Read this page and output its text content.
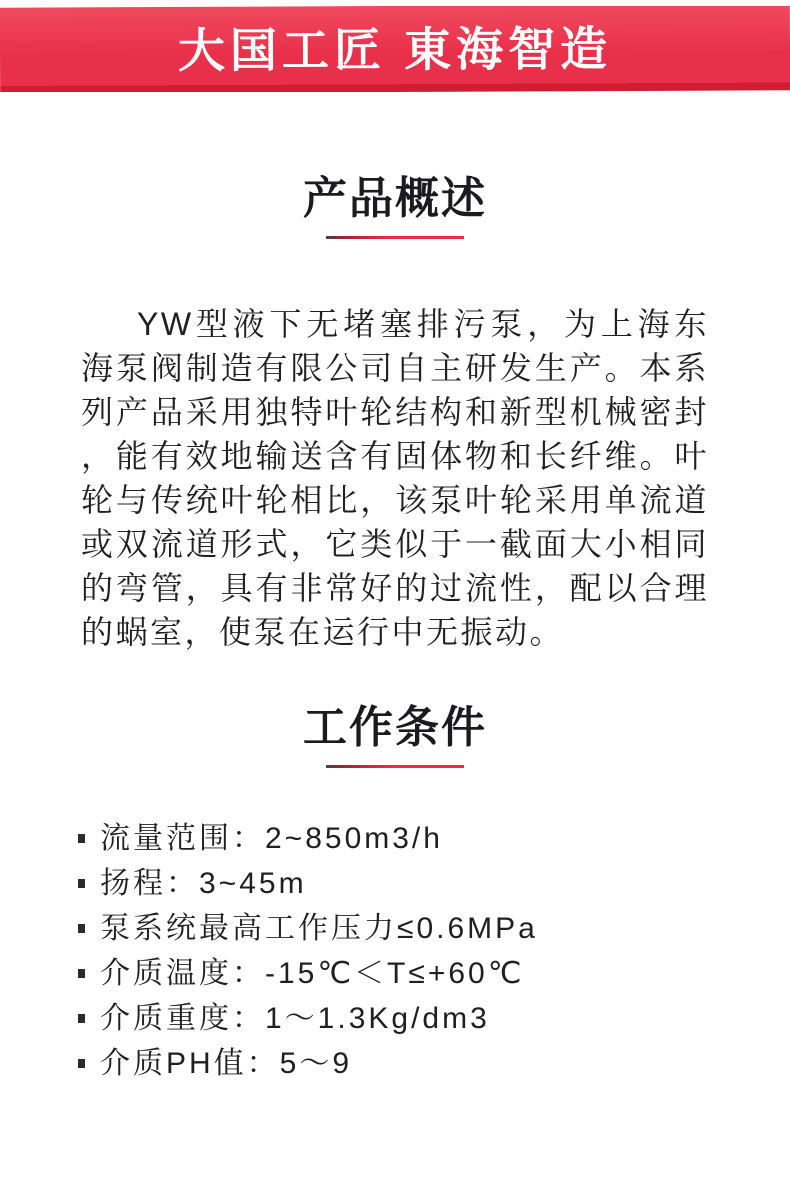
大国工匠 東海智造
产品概述

YW型液下无堵塞排污泵，为上海东海泵阀制造有限公司自主研发生产。本系列产品采用独特叶轮结构和新型机械密封，能有效地输送含有固体物和长纤维。叶轮与传统叶轮相比，该泵叶轮采用单流道或双流道形式，它类似于一截面大小相同的弯管，具有非常好的过流性，配以合理的蜗室，使泵在运行中无振动。

工作条件
流量范围：2~850m3/h
扬程：3~45m
泵系统最高工作压力≤0.6MPa
介质温度：-15℃＜T≤+60℃
介质重度：1～1.3Kg/dm3
介质PH值：5～9
